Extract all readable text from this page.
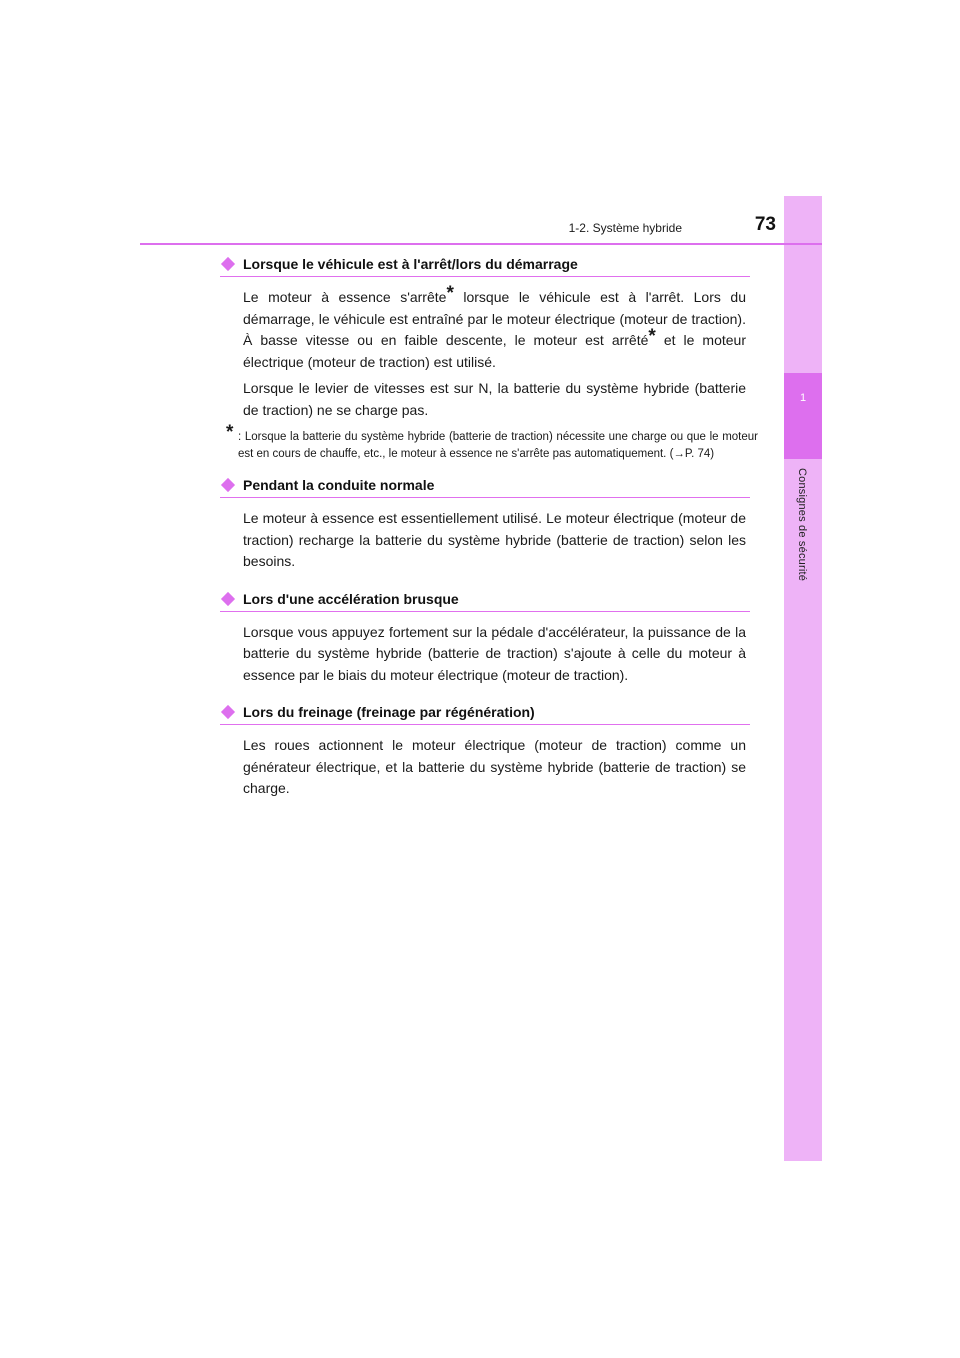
1
Consignes de sécurité
1-2. Système hybride	73
Lorsque le véhicule est à l'arrêt/lors du démarrage
Le moteur à essence s'arrête* lorsque le véhicule est à l'arrêt. Lors du démarrage, le véhicule est entraîné par le moteur électrique (moteur de traction). À basse vitesse ou en faible descente, le moteur est arrêté* et le moteur électrique (moteur de traction) est utilisé.
Lorsque le levier de vitesses est sur N, la batterie du système hybride (batterie de traction) ne se charge pas.
* : Lorsque la batterie du système hybride (batterie de traction) nécessite une charge ou que le moteur est en cours de chauffe, etc., le moteur à essence ne s'arrête pas automatiquement. (→P. 74)
Pendant la conduite normale
Le moteur à essence est essentiellement utilisé. Le moteur électrique (moteur de traction) recharge la batterie du système hybride (batterie de traction) selon les besoins.
Lors d'une accélération brusque
Lorsque vous appuyez fortement sur la pédale d'accélérateur, la puissance de la batterie du système hybride (batterie de traction) s'ajoute à celle du moteur à essence par le biais du moteur électrique (moteur de traction).
Lors du freinage (freinage par régénération)
Les roues actionnent le moteur électrique (moteur de traction) comme un générateur électrique, et la batterie du système hybride (batterie de traction) se charge.
